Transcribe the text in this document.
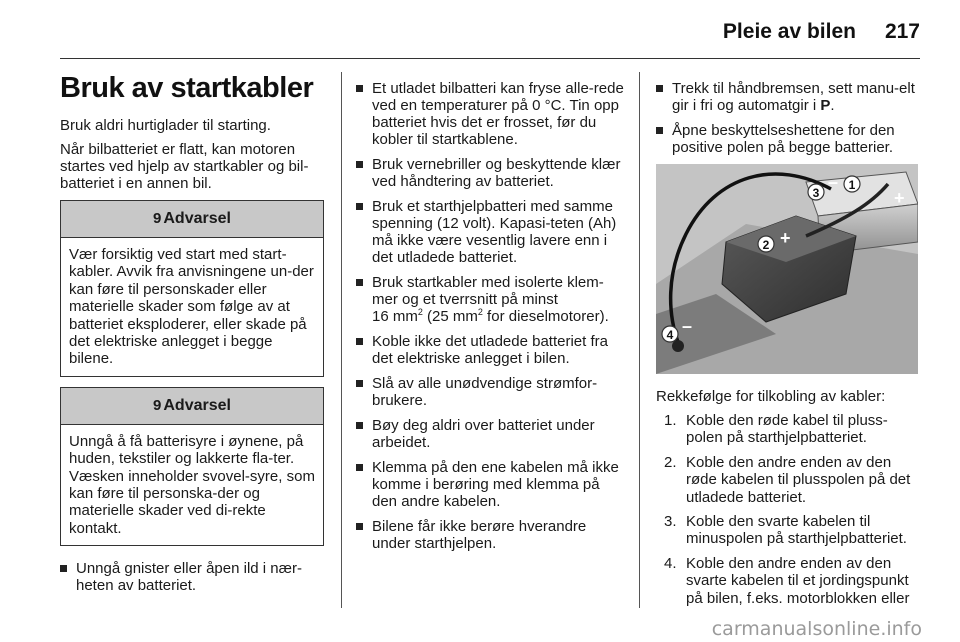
Pleie av bilen 217
Bruk av startkabler

Bruk aldri hurtiglader til starting.

Når bilbatteriet er flatt, kan motoren startes ved hjelp av startkabler og bil-batteriet i en annen bil.

9 Advarsel
Vær forsiktig ved start med start-kabler. Avvik fra anvisningene un-der kan føre til personskader eller materielle skader som følge av at batteriet eksploderer, eller skade på det elektriske anlegget i begge bilene.
9 Advarsel
Unngå å få batterisyre i øynene, på huden, tekstiler og lakkerte fla-ter. Væsken inneholder svovel-syre, som kan føre til personska-der og materielle skader ved di-rekte kontakt.
Unngå gnister eller åpen ild i nær-heten av batteriet.
Et utladet bilbatteri kan fryse alle-rede ved en temperaturer på 0 °C. Tin opp batteriet hvis det er frosset, før du kobler til startkablene.
Bruk vernebriller og beskyttende klær ved håndtering av batteriet.
Bruk et starthjelpbatteri med samme spenning (12 volt). Kapasi-teten (Ah) må ikke være vesentlig lavere enn i det utladede batteriet.
Bruk startkabler med isolerte klem-mer og et tverrsnitt på minst
16 $mm^2$ (25 $mm^2$ for dieselmotorer).
Koble ikke det utladede batteriet fra det elektriske anlegget i bilen.
Slå av alle unødvendige strømfor-brukere.
Bøy deg aldri over batteriet under arbeidet.
Klemma på den ene kabelen må ikke komme i berøring med klemma på den andre kabelen.
Bilene får ikke berøre hverandre under starthjelpen.
Trekk til håndbremsen, sett manu-elt gir i fri og automatgir i P.
Åpne beskyttelseshettene for den positive polen på begge batterier.
1
3
2
4
+
+
–
–

Rekkefølge for tilkobling av kabler:

1. Koble den røde kabel til pluss-polen på starthjelpbatteriet.
2. Koble den andre enden av den røde kabelen til plusspolen på det utladede batteriet.
3. Koble den svarte kabelen til minuspolen på starthjelpbatteriet.
4. Koble den andre enden av den svarte kabelen til et jordingspunkt på bilen, f.eks. motorblokken eller
carmanualsonline.info
